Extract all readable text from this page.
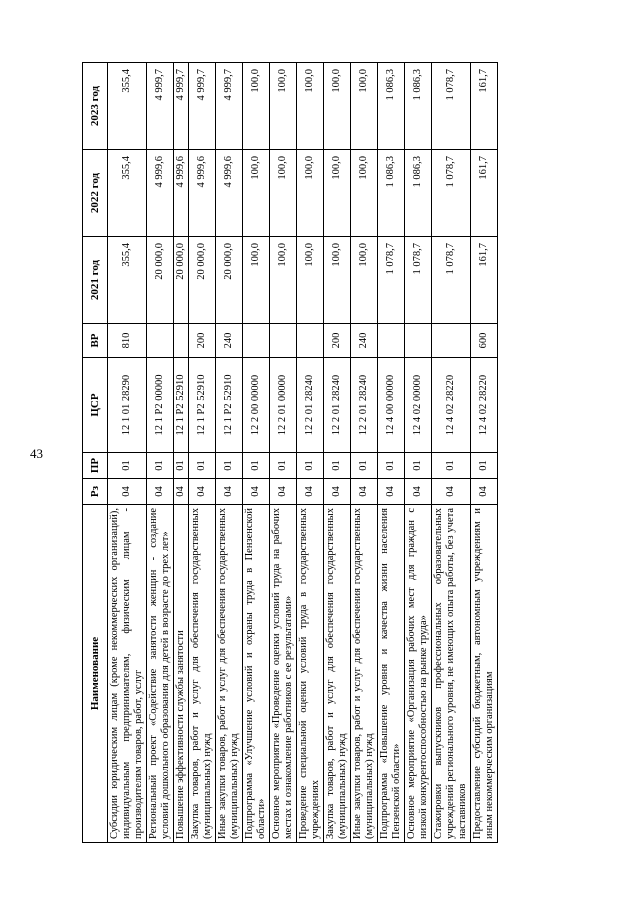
43
Наименование	Рз	ПР	ЦСР	ВР	2021 год	2022 год	2023 год
Субсидии юридическим лицам (кроме некоммерческих организаций), индивидуальным предпринимателям, физическим лицам - производителям товаров, работ, услуг	04	01	12 1 01 28290	810	355,4	355,4	355,4
Региональный проект «Содействие занятости женщин - создание условий дошкольного образования для детей в возрасте до трех лет»	04	01	12 1 P2 00000		20 000,0	4 999,6	4 999,7
Повышение эффективности службы занятости	04	01	12 1 P2 52910		20 000,0	4 999,6	4 999,7
Закупка товаров, работ и услуг для обеспечения государственных (муниципальных) нужд	04	01	12 1 P2 52910	200	20 000,0	4 999,6	4 999,7
Иные закупки товаров, работ и услуг для обеспечения государственных (муниципальных) нужд	04	01	12 1 P2 52910	240	20 000,0	4 999,6	4 999,7
Подпрограмма «Улучшение условий и охраны труда в Пензенской области»	04	01	12 2 00 00000		100,0	100,0	100,0
Основное мероприятие «Проведение оценки условий труда на рабочих местах и ознакомление работников с ее результатами»	04	01	12 2 01 00000		100,0	100,0	100,0
Проведение специальной оценки условий труда в государственных учреждениях	04	01	12 2 01 28240		100,0	100,0	100,0
Закупка товаров, работ и услуг для обеспечения государственных (муниципальных) нужд	04	01	12 2 01 28240	200	100,0	100,0	100,0
Иные закупки товаров, работ и услуг для обеспечения государственных (муниципальных) нужд	04	01	12 2 01 28240	240	100,0	100,0	100,0
Подпрограмма «Повышение уровня и качества жизни населения Пензенской области»	04	01	12 4 00 00000		1 078,7	1 086,3	1 086,3
Основное мероприятие «Организация рабочих мест для граждан с низкой конкурентоспособностью на рынке труда»	04	01	12 4 02 00000		1 078,7	1 086,3	1 086,3
Стажировки выпускников профессиональных образовательных учреждений регионального уровня, не имеющих опыта работы, без учета наставников	04	01	12 4 02 28220		1 078,7	1 078,7	1 078,7
Предоставление субсидий бюджетным, автономным учреждениям и иным некоммерческим организациям	04	01	12 4 02 28220	600	161,7	161,7	161,7
